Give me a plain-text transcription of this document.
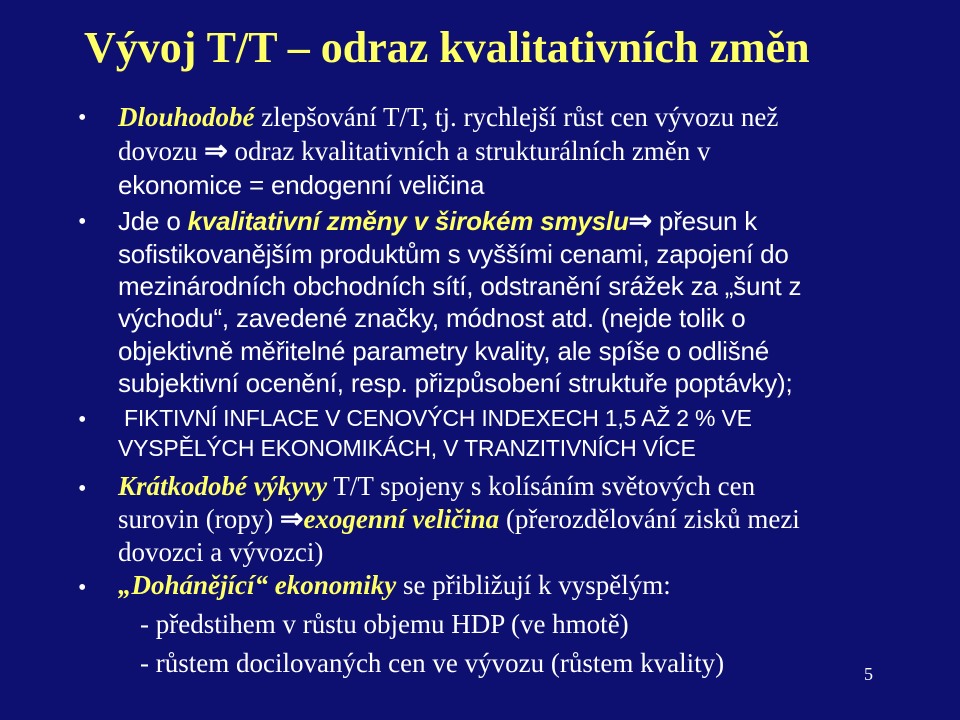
Vývoj T/T – odraz kvalitativních změn
• Dlouhodobé zlepšování T/T, tj. rychlejší růst cen vývozu než
dovozu ⇒ odraz kvalitativních a strukturálních změn v
ekonomice = endogenní veličina
• Jde o kvalitativní změny v širokém smyslu⇒ přesun k
sofistikovanějším produktům s vyššími cenami, zapojení do
mezinárodních obchodních sítí, odstranění srážek za „šunt z
východu“, zavedené značky, módnost atd. (nejde tolik o
objektivně měřitelné parametry kvality, ale spíše o odlišné
subjektivní ocenění, resp. přizpůsobení struktuře poptávky);
• FIKTIVNÍ INFLACE V CENOVÝCH INDEXECH 1,5 AŽ 2 % VE
VYSPĚLÝCH EKONOMIKÁCH, V TRANZITIVNÍCH VÍCE
• Krátkodobé výkyvy T/T spojeny s kolísáním světových cen
surovin (ropy) ⇒exogenní veličina (přerozdělování zisků mezi
dovozci a vývozci)
• „Dohánějící“ ekonomiky se přibližují k vyspělým:
- předstihem v růstu objemu HDP (ve hmotě)
- růstem docilovaných cen ve vývozu (růstem kvality)	5
